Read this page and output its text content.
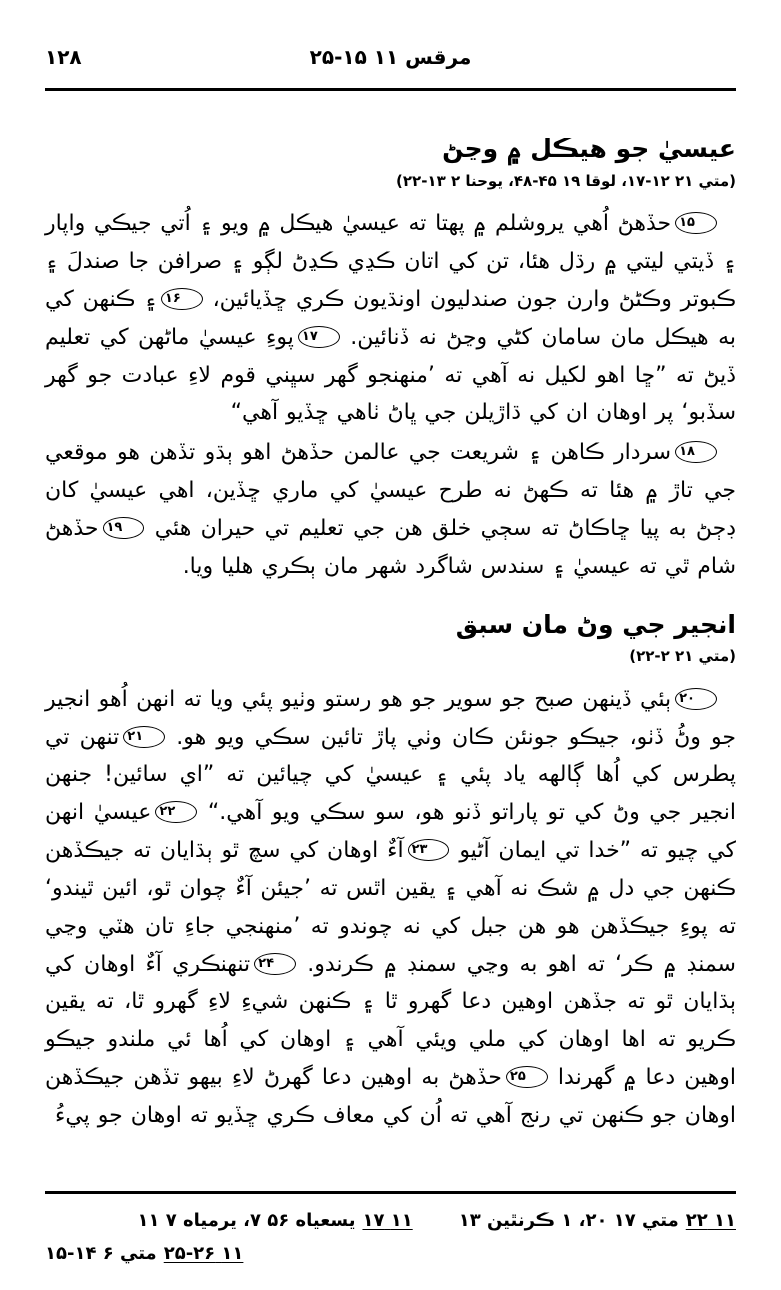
۱۲۸	مرقس ۱۱ ۱۵-۲۵
عيسيٰ جو هيڪل ۾ وڃڻ
(متي ۲۱ ۱۲-۱۷، لوقا ۱۹ ۴۵-۴۸، يوحنا ۲ ۱۳-۲۲)

۱۵حڏهڻ اُهي يروشلم ۾ پهتا ته عيسيٰ هيڪل ۾ ويو ۽ اُتي جيڪي واپار ۽ ڏيتي ليتي ۾ رڌل هئا، تن کي اتان ڪڍي ڪڍڻ لڳو ۽ صرافن جا صندلَ ۽ ڪبوتر وڪڻڻ وارن جون صندليون اونڌيون ڪري ڇڏيائين، ۱۶۽ ڪنهن کي به هيڪل مان سامان کڻي وڃڻ نه ڏنائين. ۱۷پوءِ عيسيٰ ماڻهن کي تعليم ڏيڻ ته ”ڇا اهو لکيل نه آهي ته ’منهنجو گهر سڀني قوم لاءِ عبادت جو گهر سڏبو‘ پر اوهان ان کي ڌاڙيلن جي ڀاڻ ٺاهي ڇڏيو آهي“

۱۸سردار ڪاهن ۽ شريعت جي عالمن حڏهڻ اهو ٻڌو تڏهن هو موقعي جي تاڙ ۾ هئا ته ڪهڻ نه طرح عيسيٰ کي ماري ڇڏين، اهي عيسيٰ کان ڊڄڻ به پيا ڇاڪاڻ ته سڄي خلق هن جي تعليم تي حيران هئي ۱۹حڏهڻ شام ٿي ته عيسيٰ ۽ سندس شاگرد شهر مان ٻڪري هليا ويا.

انجير جي وڻ مان سبق
(متي ۲۱ ۲-۲۲)

۲۰ٻئي ڏينهن صبح جو سوير جو هو رستو وٺيو پئي ويا ته انهن اُهو انجير جو وڻُ ڏٺو، جيڪو جونئن ڪان وٺي پاڙ تائين سڪي ويو هو. ۲۱تنهن تي پطرس کي اُها ڳالهه ياد پئي ۽ عيسيٰ کي چيائين ته ”اي سائين! جنهن انجير جي وڻ کي تو پاراتو ڏنو هو، سو سڪي ويو آهي.“ ۲۲عيسيٰ انهن کي چيو ته ”خدا تي ايمان آڻيو ۲۳آءٌ اوهان کي سچ ٿو ٻڌايان ته جيڪڏهن ڪنهن جي دل ۾ شڪ نه آهي ۽ يقين اٿس ته ’جيئن آءٌ چوان ٿو، ائين ٿيندو‘ ته پوءِ جيڪڏهن هو هن جبل کي نه چوندو ته ’منهنجي جاءِ تان هٽي وڃي سمنڊ ۾ ڪر‘ ته اهو به وڃي سمنڊ ۾ ڪرندو. ۲۴تنهنڪري آءٌ اوهان کي ٻڌايان ٿو ته جڏهن اوهين دعا گهرو ٿا ۽ ڪنهن شيءِ لاءِ گهرو ٿا، ته يقين ڪريو ته اها اوهان کي ملي ويئي آهي ۽ اوهان کي اُها ئي ملندو جيڪو اوهين دعا ۾ گهرندا ۲۵حڏهڻ به اوهين دعا گهرڻ لاءِ بيهو تڏهن جيڪڏهن اوهان جو ڪنهن تي رنج آهي ته اُن کي معاف ڪري ڇڏيو ته اوهان جو پيءُ

۱۱ ۲۲متي ۱۷ ۲۰، ۱ ڪرنٿين ۱۳
۱۱ ۱۷يسعياه ۵۶ ۷، يرمياه ۷ ۱۱
۱۱ ۲۵-۲۶متي ۶ ۱۴-۱۵
